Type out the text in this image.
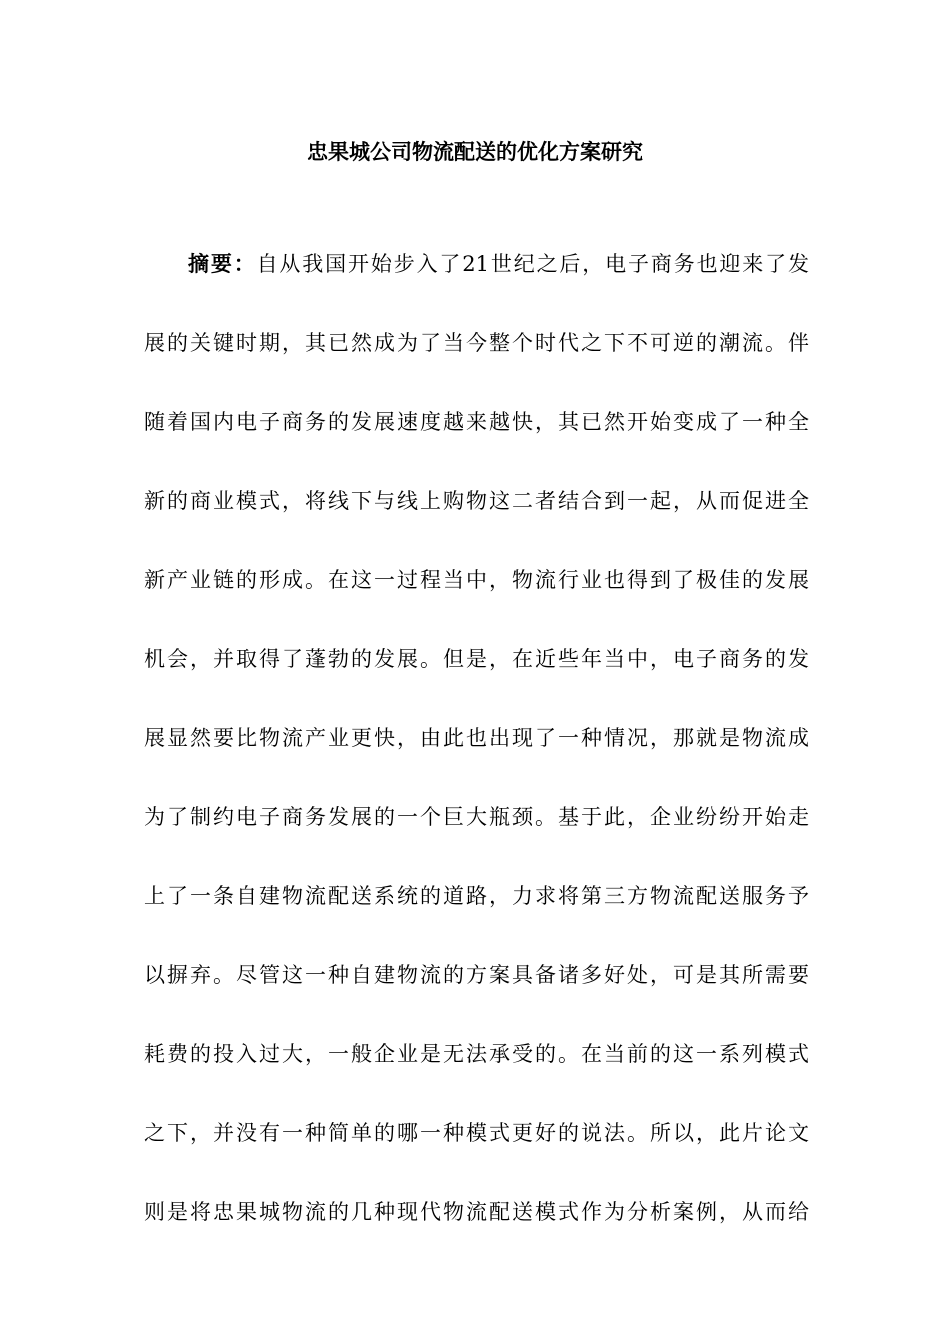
忠果城公司物流配送的优化方案研究
摘要：自从我国开始步入了21世纪之后，电子商务也迎来了发
展的关键时期，其已然成为了当今整个时代之下不可逆的潮流。伴
随着国内电子商务的发展速度越来越快，其已然开始变成了一种全
新的商业模式，将线下与线上购物这二者结合到一起，从而促进全
新产业链的形成。在这一过程当中，物流行业也得到了极佳的发展
机会，并取得了蓬勃的发展。但是，在近些年当中，电子商务的发
展显然要比物流产业更快，由此也出现了一种情况，那就是物流成
为了制约电子商务发展的一个巨大瓶颈。基于此，企业纷纷开始走
上了一条自建物流配送系统的道路，力求将第三方物流配送服务予
以摒弃。尽管这一种自建物流的方案具备诸多好处，可是其所需要
耗费的投入过大，一般企业是无法承受的。在当前的这一系列模式
之下，并没有一种简单的哪一种模式更好的说法。所以，此片论文
则是将忠果城物流的几种现代物流配送模式作为分析案例，从而给
